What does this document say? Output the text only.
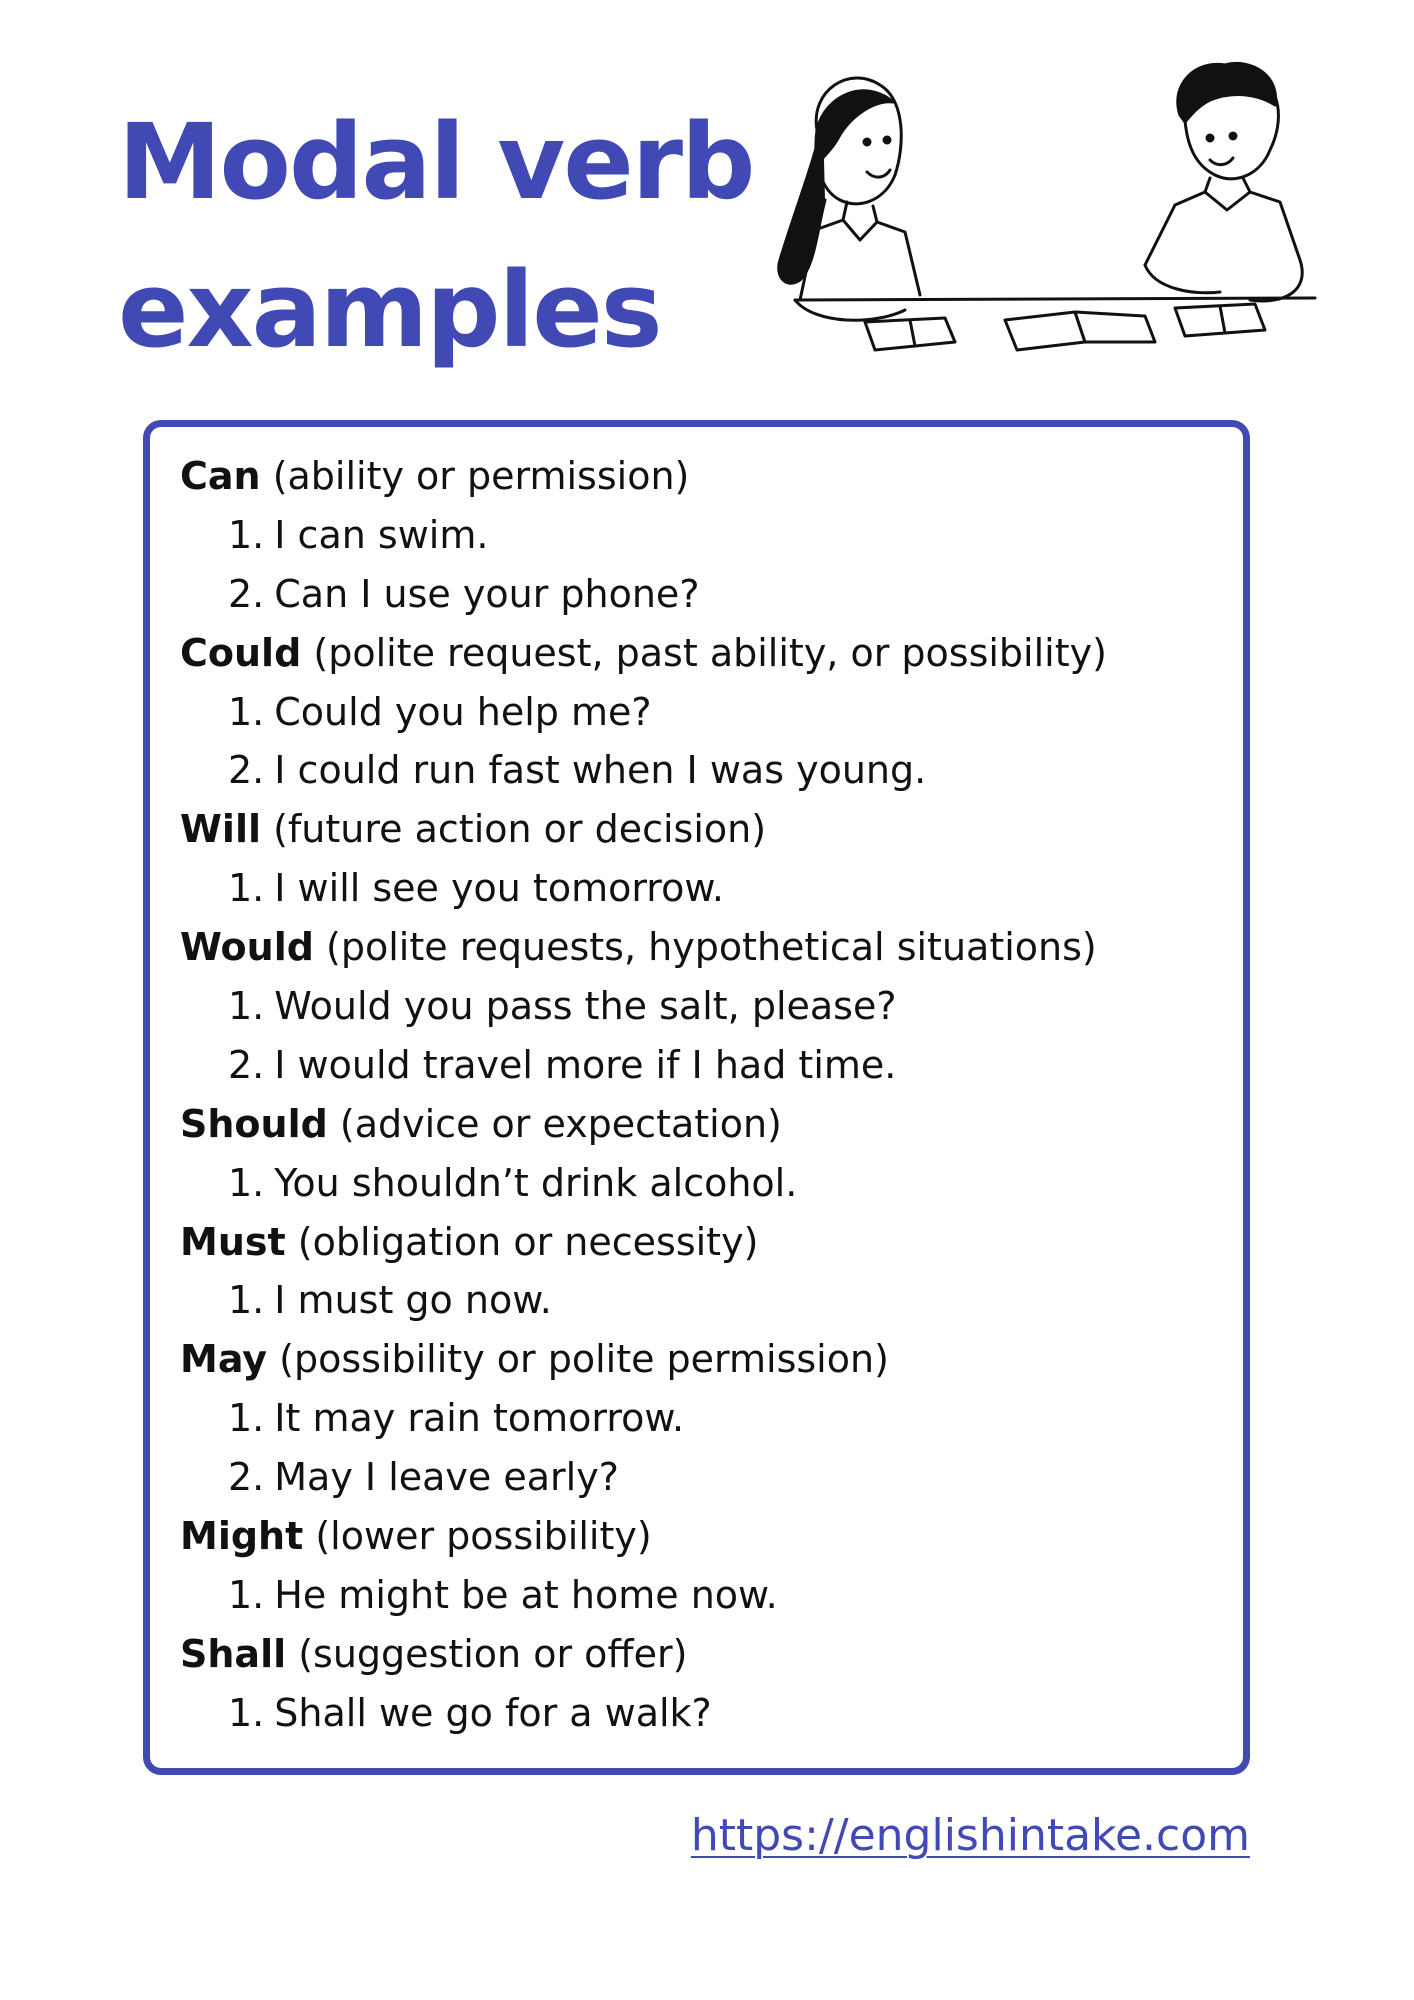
Modal verb
examples
Can (ability or permission)
1. I can swim.
2. Can I use your phone?
Could (polite request, past ability, or possibility)
1. Could you help me?
2. I could run fast when I was young.
Will (future action or decision)
1. I will see you tomorrow.
Would (polite requests, hypothetical situations)
1. Would you pass the salt, please?
2. I would travel more if I had time.
Should (advice or expectation)
1. You shouldn’t drink alcohol.
Must (obligation or necessity)
1. I must go now.
May (possibility or polite permission)
1. It may rain tomorrow.
2. May I leave early?
Might (lower possibility)
1. He might be at home now.
Shall (suggestion or offer)
1. Shall we go for a walk?
https://englishintake.com
